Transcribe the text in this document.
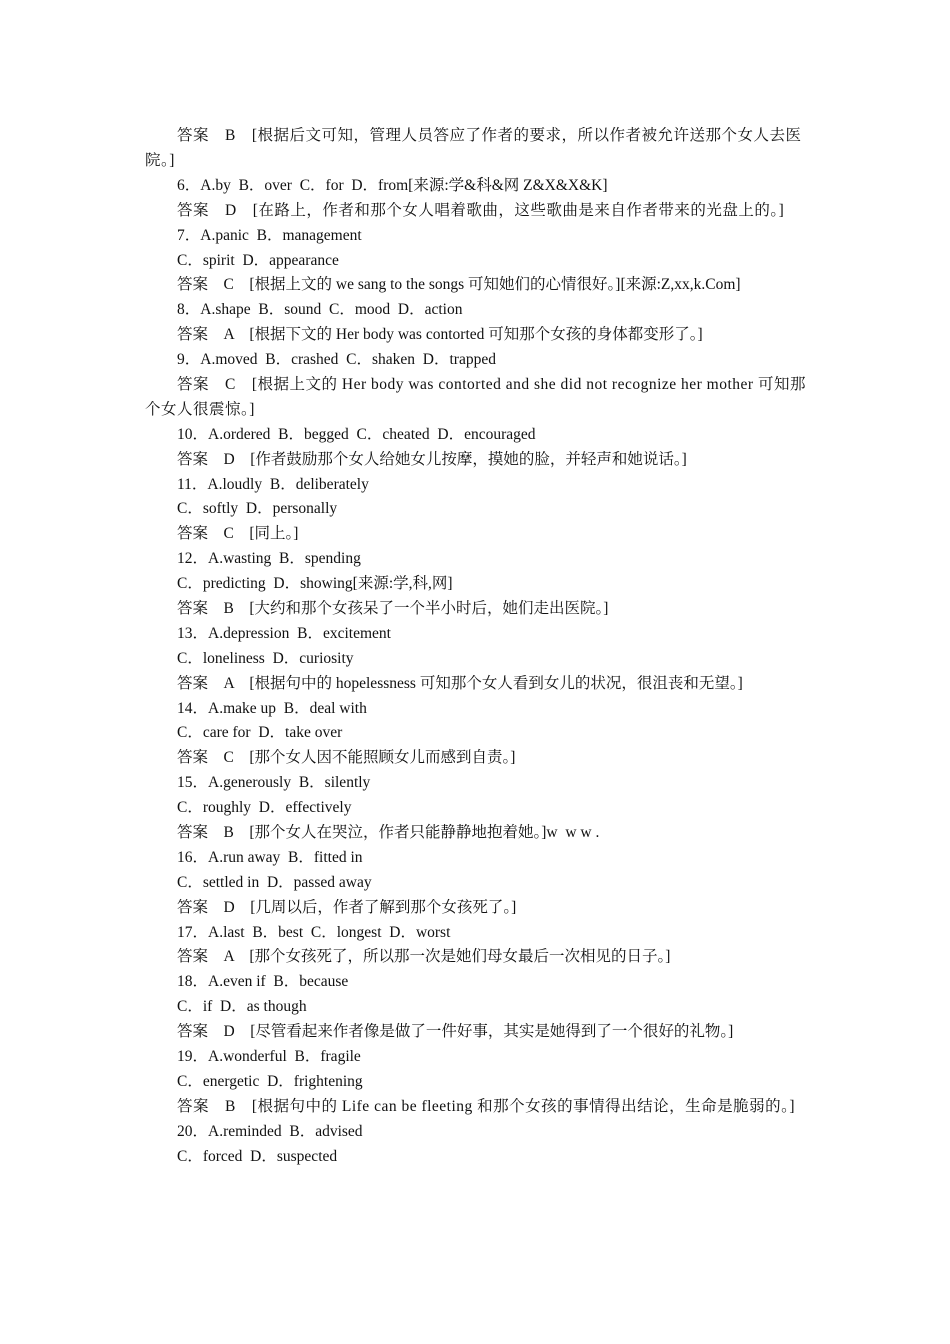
答案　B　[根据后文可知，管理人员答应了作者的要求，所以作者被允许送那个女人去医院。]
6．A.by  B．over  C．for  D．from[来源:学&科&网 Z&X&X&K]
答案　D　[在路上，作者和那个女人唱着歌曲，这些歌曲是来自作者带来的光盘上的。]
7．A.panic  B．management
C．spirit  D．appearance
答案　C　[根据上文的 we sang to the songs 可知她们的心情很好。][来源:Z,xx,k.Com]
8．A.shape  B．sound  C．mood  D．action
答案　A　[根据下文的 Her body was contorted 可知那个女孩的身体都变形了。]
9．A.moved  B．crashed  C．shaken  D．trapped
答案　C　[根据上文的 Her body was contorted and she did not recognize her mother 可知那个女人很震惊。]
10．A.ordered  B．begged  C．cheated  D．encouraged
答案　D　[作者鼓励那个女人给她女儿按摩，摸她的脸，并轻声和她说话。]
11．A.loudly  B．deliberately
C．softly  D．personally
答案　C　[同上。]
12．A.wasting  B．spending
C．predicting  D．showing[来源:学,科,网]
答案　B　[大约和那个女孩呆了一个半小时后，她们走出医院。]
13．A.depression  B．excitement
C．loneliness  D．curiosity
答案　A　[根据句中的 hopelessness 可知那个女人看到女儿的状况，很沮丧和无望。]
14．A.make up  B．deal with
C．care for  D．take over
答案　C　[那个女人因不能照顾女儿而感到自责。]
15．A.generously  B．silently
C．roughly  D．effectively
答案　B　[那个女人在哭泣，作者只能静静地抱着她。]w  w w .
16．A.run away  B．fitted in
C．settled in  D．passed away
答案　D　[几周以后，作者了解到那个女孩死了。]
17．A.last  B．best  C．longest  D．worst
答案　A　[那个女孩死了，所以那一次是她们母女最后一次相见的日子。]
18．A.even if  B．because
C．if  D．as though
答案　D　[尽管看起来作者像是做了一件好事，其实是她得到了一个很好的礼物。]
19．A.wonderful  B．fragile
C．energetic  D．frightening
答案　B　[根据句中的 Life can be fleeting 和那个女孩的事情得出结论，生命是脆弱的。]
20．A.reminded  B．advised
C．forced  D．suspected
